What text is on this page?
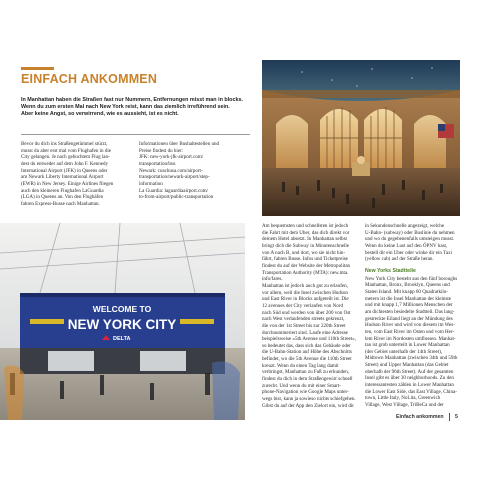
EINFACH ANKOMMEN
In Manhattan haben die Straßen fast nur Nummern, Entfernungen misst man in blocks.
Wenn du zum ersten Mal nach New York reist, kann das ziemlich irreführend sein.
Aber keine Angst, so verwirrend, wie es aussieht, ist es nicht.
Bevor du dich ins Straßengetümmel stürzt,
musst du aber erst mal vom Flughafen in die
City gelangen. Je nach gebuchtem Flug lan-
dest du entweder auf dem John F. Kennedy
International Airport (JFK) in Queens oder
am Newark Liberty International Airport
(EWR) in New Jersey. Einige Airlines fliegen
auch den kleineren Flughafen LaGuardia
(LGA) in Queens an. Von den Flughäfen
fahren Express-Busse nach Manhattan.
Informationen über Bushaltestellen und
Preise findest du hier:
JFK: new-york-jfk-airport.com/
transportation/bus
Newark: coachusa.com/airport-
transportation/newark-airport/step-
information
La Guardia: laguardiaairport.com/
to-from-airport/public-transportation
WELCOME TO
NEW YORK CITY
DELTA
Am bequemsten und schnellsten ist jedoch
die Fahrt mit dem Uber, das dich direkt vor
deinem Hotel absetzt. In Manhattan selbst
bringt dich die Subway in Minutenschnelle
von A nach B, und dort, wo sie nicht hin-
fährt, fahren Busse. Infos und Ticketpreise
findest du auf der Website der Metropolitan
Transportation Authority (MTA): new.mta.
info/fares.
Manhattan ist jedoch auch gut zu erlaufen,
vor allem, weil die Insel zwischen Hudson
und East River in Blocks aufgeteilt ist. Die
12 avenues der City verlaufen von Nord
nach Süd und werden von über 200 von Ost
nach West verlaufenden streets gekreuzt,
die von der 1st Street bis zur 220th Street
durchnummeriert sind. Laufe eine Adresse
beispielsweise »5th Avenue und 110th Street«,
so bedeutet das, dass sich das Gebäude oder
die U-Bahn-Station auf Höhe des Abschnitts
befindet, wo die 5th Avenue die 110th Street
kreuzt. Wenn du einen Tag lang damit
verbringst, Manhattan zu Fuß zu erkunden,
findest du dich in dem Straßengewirr schnell
zurecht. Und wenn du mit einer Smart-
phone-Navigation wie Google Maps unter-
wegs bist, kann ja sowieso nichts schiefgehen.
Gibst du auf der App den Zielort ein, wird dir
in Sekundenschnelle angezeigt, welche
U-Bahn- (subway) oder Buslinie du nehmen
und wo du gegebenenfalls umsteigen musst.
Wenn du keine Lust auf den ÖPNV hast,
bestell dir ein Uber oder winke dir ein Taxi
(yellow cab) auf der Straße heran.
New Yorks Stadtteile
New York City besteht aus den fünf boroughs
Manhattan, Bronx, Brooklyn, Queens und
Staten Island. Mit knapp 60 Quadratkilo-
metern ist die Insel Manhattan der kleinste
und mit knapp 1,7 Millionen Menschen der
am dichtesten besiedelte Stadtteil. Das lang-
gestreckte Eiland liegt an der Mündung des
Hudson River und wird von diesem im Wes-
ten, vom East River im Osten und vom Her-
lem River im Nordosten umflossen. Manhat-
tan ist grob unterteilt in Lower Manhattan
(der Gebiet unterhalb der 14th Street),
Midtown Manhattan (zwischen 34th und 59th
Street) und Upper Manhattan (das Gebiet
oberhalb der 96th Street). Auf der gesamten
Insel gibt es über 30 neighborhoods. Zu den
interessantesten zählen in Lower Manhattan
die Lower East Side, das East Village, China-
town, Little Italy, NoLita, Greenwich
Village, West Village, TriBeCa und der
Einfach ankommen 5
